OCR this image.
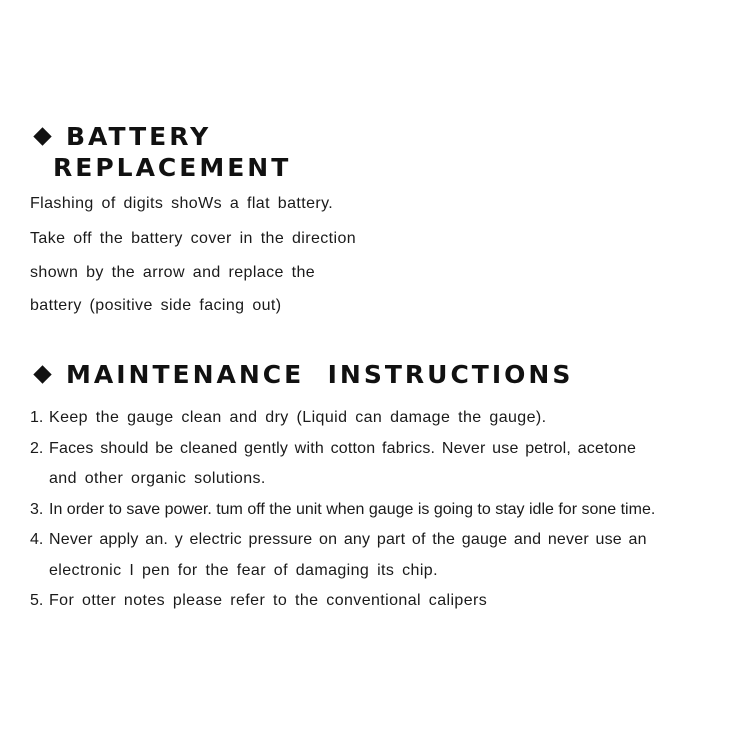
BATTERY
REPLACEMENT
Flashing of digits shoWs a flat battery.
Take off the battery cover in the direction
shown by the arrow and replace the
battery (positive side facing out)
MAINTENANCE  INSTRUCTIONS
1. Keep the gauge clean and dry (Liquid can damage the gauge).
2. Faces should be cleaned gently with cotton fabrics. Never use petrol, acetone
and other organic solutions.
3. In order to save power. tum off the unit when gauge is going to stay idle for sone time.
4. Never apply an. y electric pressure on any part of the gauge and never use an
electronic I pen for the fear of damaging its chip.
5. For otter notes please refer to the conventional calipers
